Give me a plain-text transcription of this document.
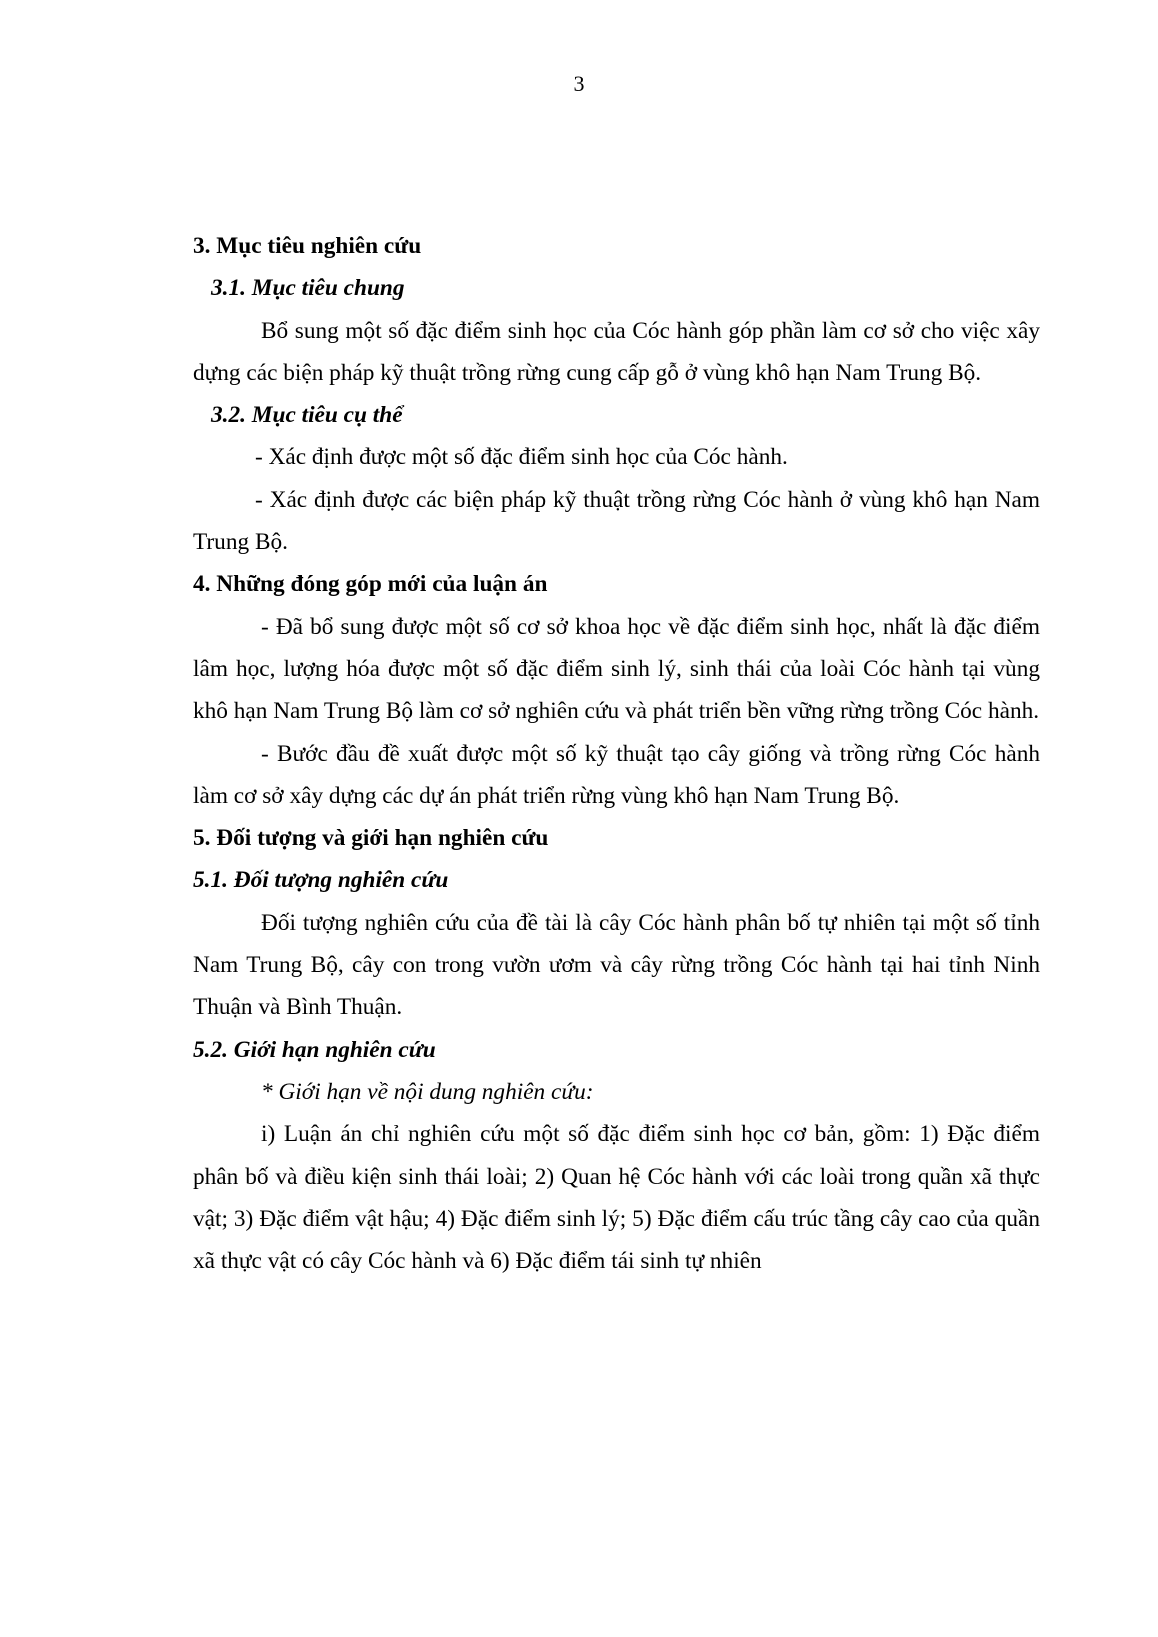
3

3. Mục tiêu nghiên cứu

3.1. Mục tiêu chung

Bổ sung một số đặc điểm sinh học của Cóc hành góp phần làm cơ sở cho việc xây dựng các biện pháp kỹ thuật trồng rừng cung cấp gỗ ở vùng khô hạn Nam Trung Bộ.

3.2. Mục tiêu cụ thể

- Xác định được một số đặc điểm sinh học của Cóc hành.

- Xác định được các biện pháp kỹ thuật trồng rừng Cóc hành ở vùng khô hạn Nam Trung Bộ.

4. Những đóng góp mới của luận án

- Đã bổ sung được một số cơ sở khoa học về đặc điểm sinh học, nhất là đặc điểm lâm học, lượng hóa được một số đặc điểm sinh lý, sinh thái của loài Cóc hành tại vùng khô hạn Nam Trung Bộ làm cơ sở nghiên cứu và phát triển bền vững rừng trồng Cóc hành.

- Bước đầu đề xuất được một số kỹ thuật tạo cây giống và trồng rừng Cóc hành làm cơ sở xây dựng các dự án phát triển rừng vùng khô hạn Nam Trung Bộ.

5. Đối tượng và giới hạn nghiên cứu

5.1. Đối tượng nghiên cứu

Đối tượng nghiên cứu của đề tài là cây Cóc hành phân bố tự nhiên tại một số tỉnh Nam Trung Bộ, cây con trong vườn ươm và cây rừng trồng Cóc hành tại hai tỉnh Ninh Thuận và Bình Thuận.

5.2. Giới hạn nghiên cứu

* Giới hạn về nội dung nghiên cứu:

i) Luận án chỉ nghiên cứu một số đặc điểm sinh học cơ bản, gồm: 1) Đặc điểm phân bố và điều kiện sinh thái loài; 2) Quan hệ Cóc hành với các loài trong quần xã thực vật; 3) Đặc điểm vật hậu; 4) Đặc điểm sinh lý; 5) Đặc điểm cấu trúc tầng cây cao của quần xã thực vật có cây Cóc hành và 6) Đặc điểm tái sinh tự nhiên
